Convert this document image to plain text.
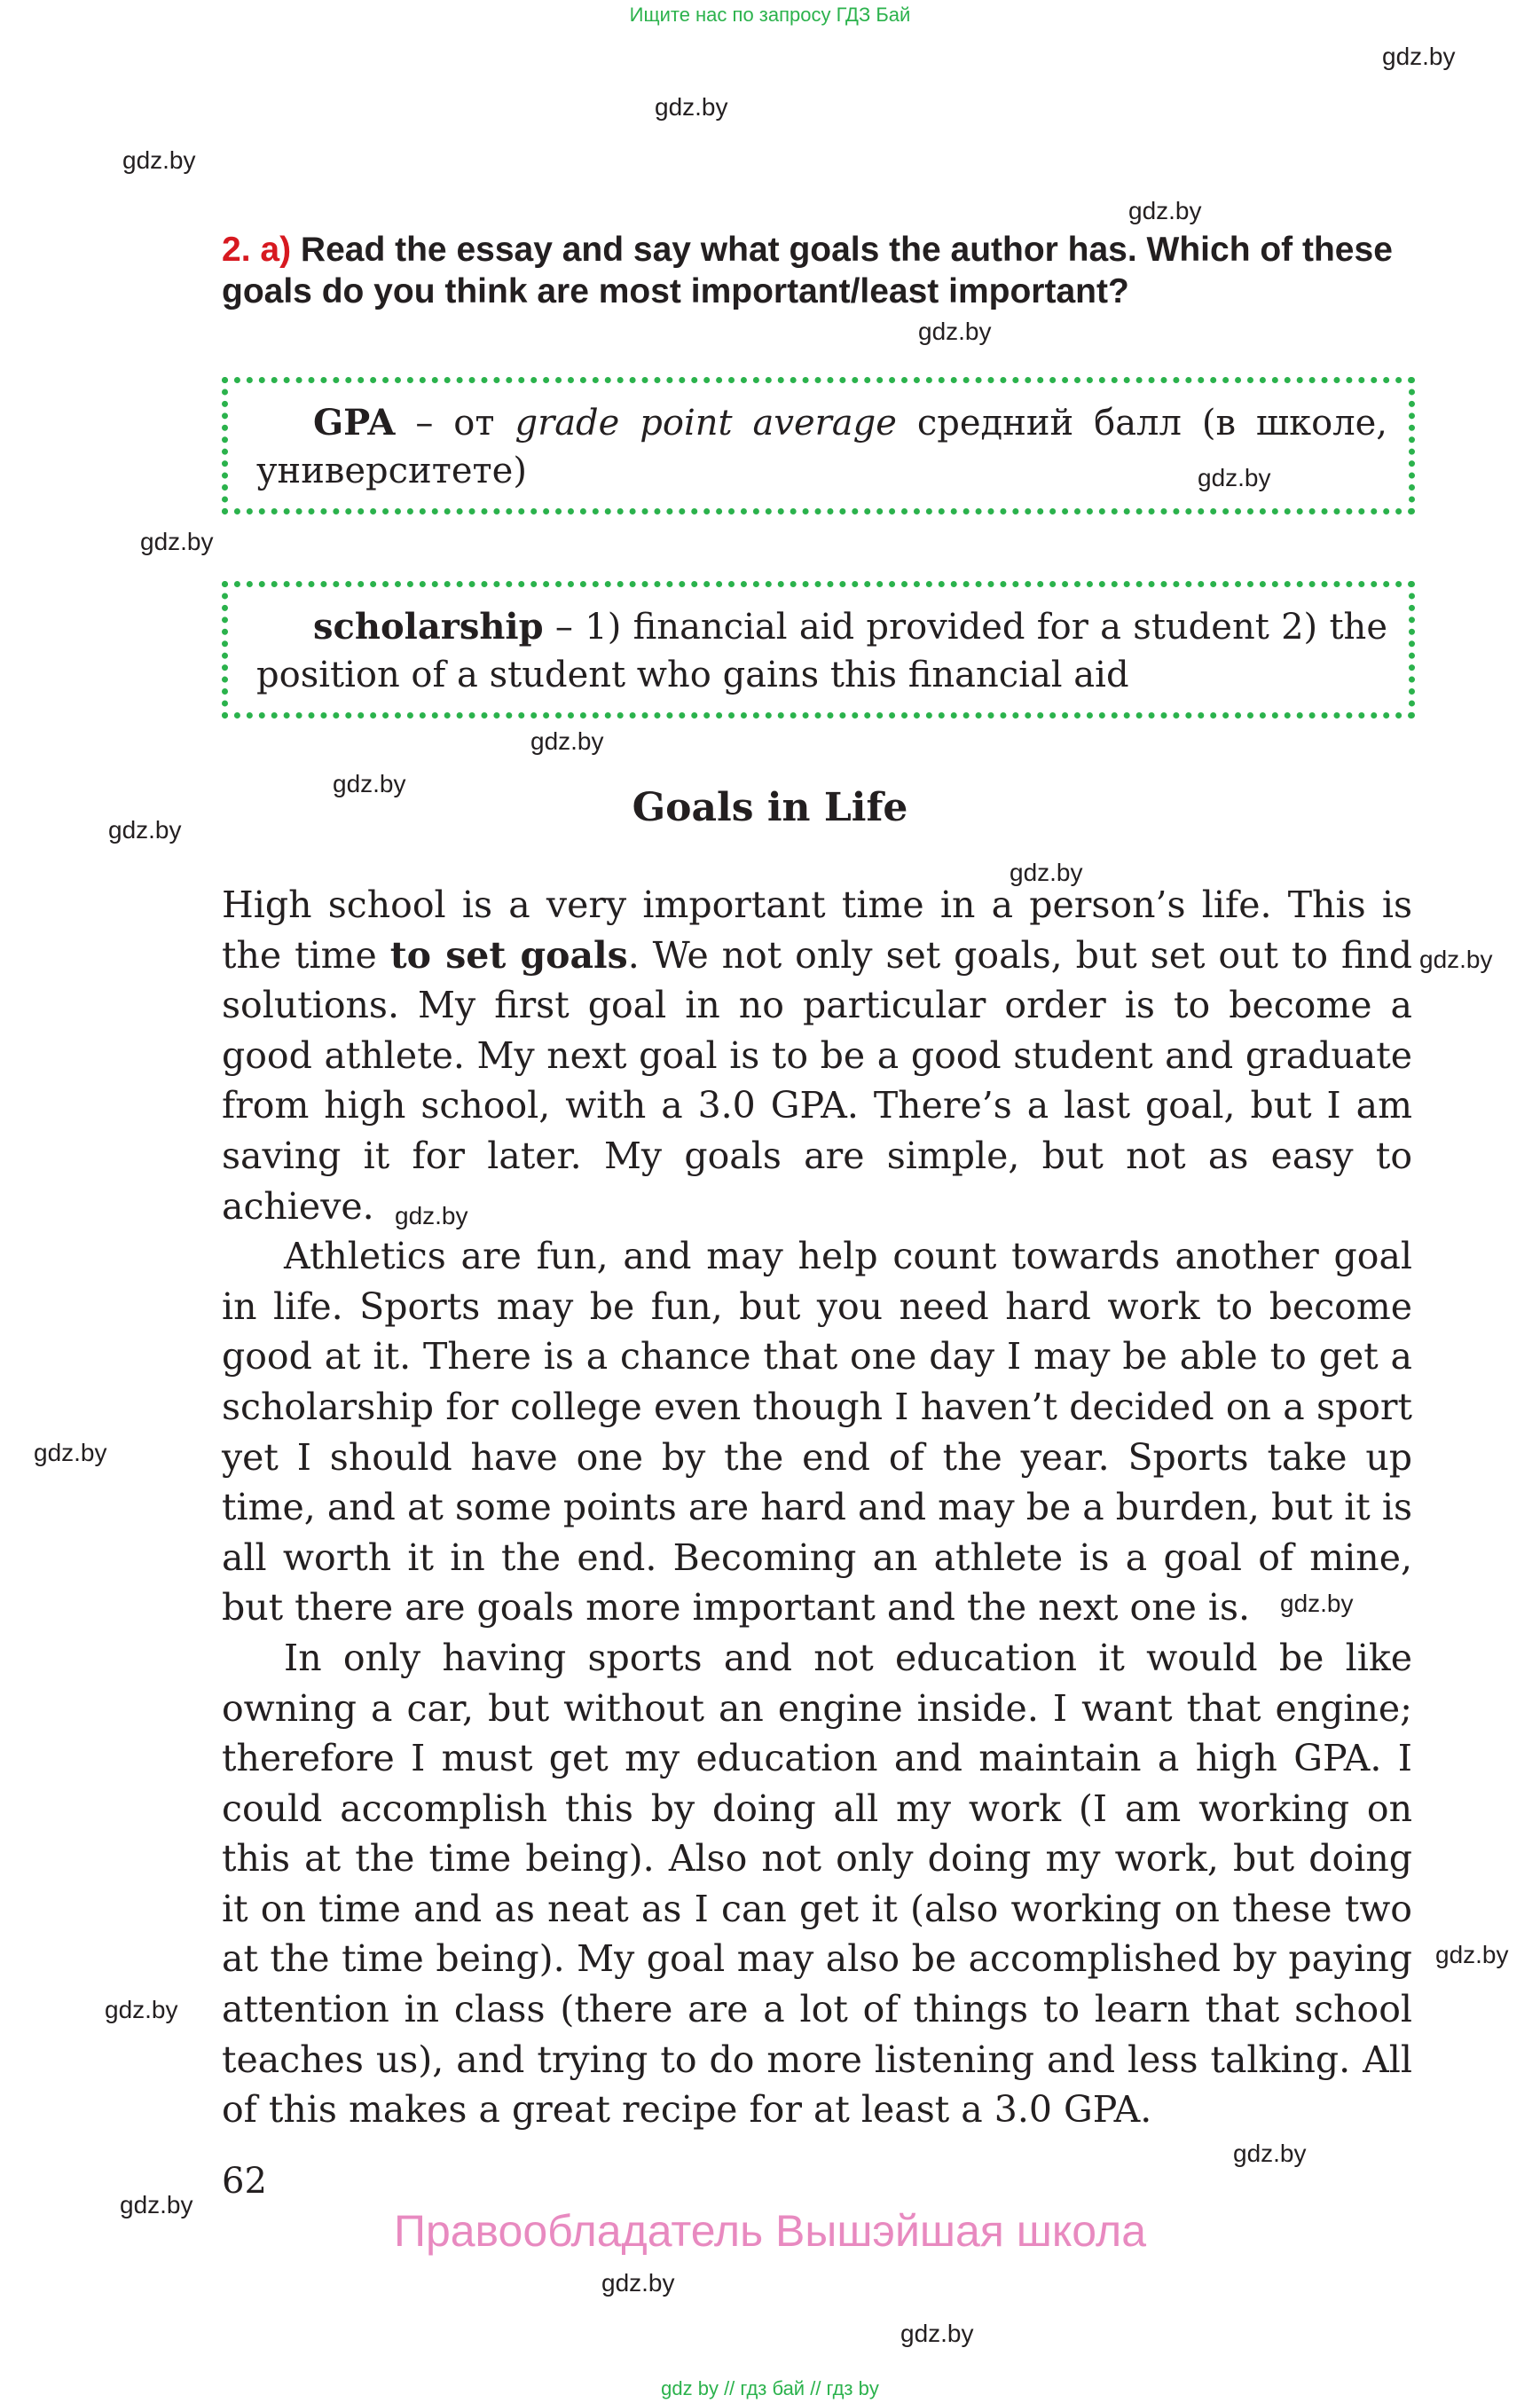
Ищите нас по запросу ГДЗ Бай
gdz.by
gdz.by
gdz.by
gdz.by
gdz.by
gdz.by
gdz.by
gdz.by
gdz.by
gdz.by
gdz.by
gdz.by
gdz.by
gdz.by
gdz.by
gdz.by
gdz.by
gdz.by
gdz.by
gdz.by
gdz.by
2. a) Read the essay and say what goals the author has. Which of these goals do you think are most important/least important?

GPA – от grade point average средний балл (в школе, университете)

scholarship – 1) financial aid provided for a student 2) the position of a student who gains this financial aid

Goals in Life

High school is a very important time in a person’s life. This is the time to set goals. We not only set goals, but set out to find solutions. My first goal in no particular order is to become a good athlete. My next goal is to be a good student and graduate from high school, with a 3.0 GPA. There’s a last goal, but I am saving it for later. My goals are simple, but not as easy to achieve.

Athletics are fun, and may help count towards another goal in life. Sports may be fun, but you need hard work to become good at it. There is a chance that one day I may be able to get a scholarship for college even though I haven’t decided on a sport yet I should have one by the end of the year. Sports take up time, and at some points are hard and may be a burden, but it is all worth it in the end. Becoming an athlete is a goal of mine, but there are goals more important and the next one is.

In only having sports and not education it would be like owning a car, but without an engine inside. I want that engine; therefore I must get my education and maintain a high GPA. I could accomplish this by doing all my work (I am working on this at the time being). Also not only doing my work, but doing it on time and as neat as I can get it (also working on these two at the time being). My goal may also be accomplished by paying attention in class (there are a lot of things to learn that school teaches us), and trying to do more listening and less talking. All of this makes a great recipe for at least a 3.0 GPA.

62
Правообладатель Вышэйшая школа
gdz by // гдз бай // гдз by
